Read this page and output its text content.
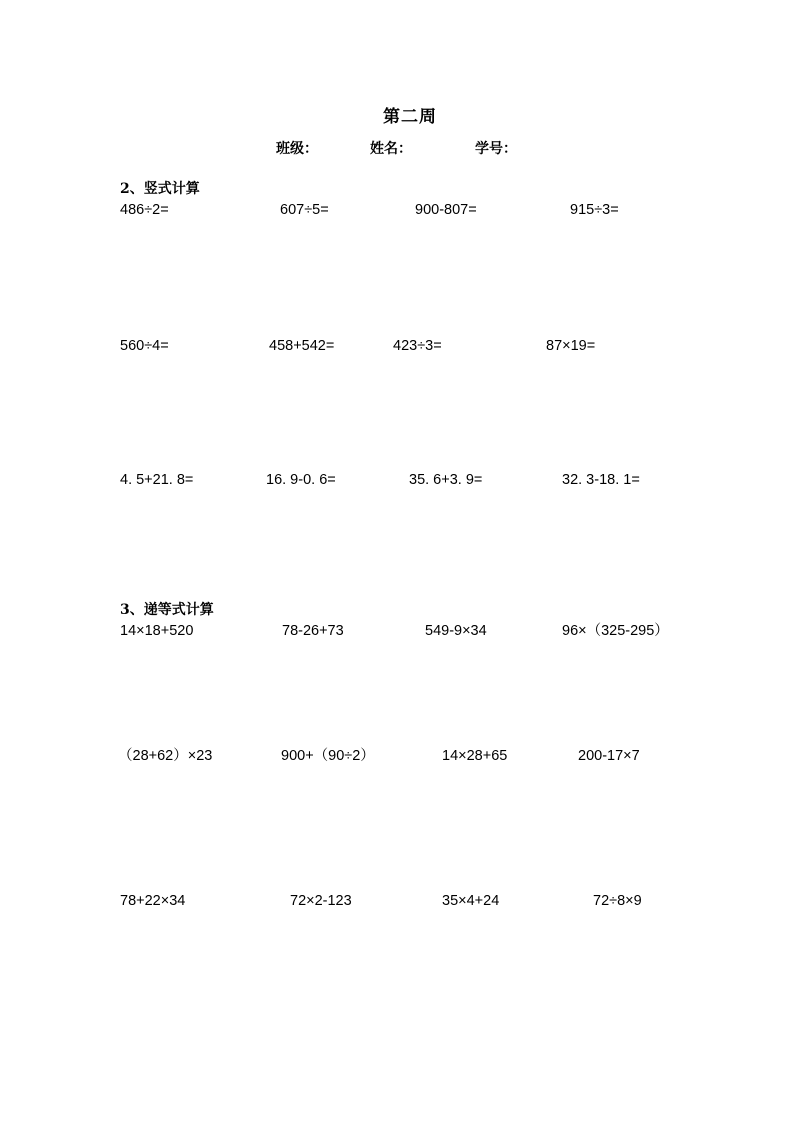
第二周
班级：	姓名：	学号：
2、竖式计算
486÷2=	607÷5=	900-807=	915÷3=
560÷4=	458+542=	423÷3=	87×19=
4. 5+21. 8=	16. 9-0. 6=	35. 6+3. 9=	32. 3-18. 1=
3、递等式计算
14×18+520	78-26+73	549-9×34	96×（325-295）
（28+62）×23	900+（90÷2）	14×28+65	200-17×7
78+22×34	72×2-123	35×4+24	72÷8×9
